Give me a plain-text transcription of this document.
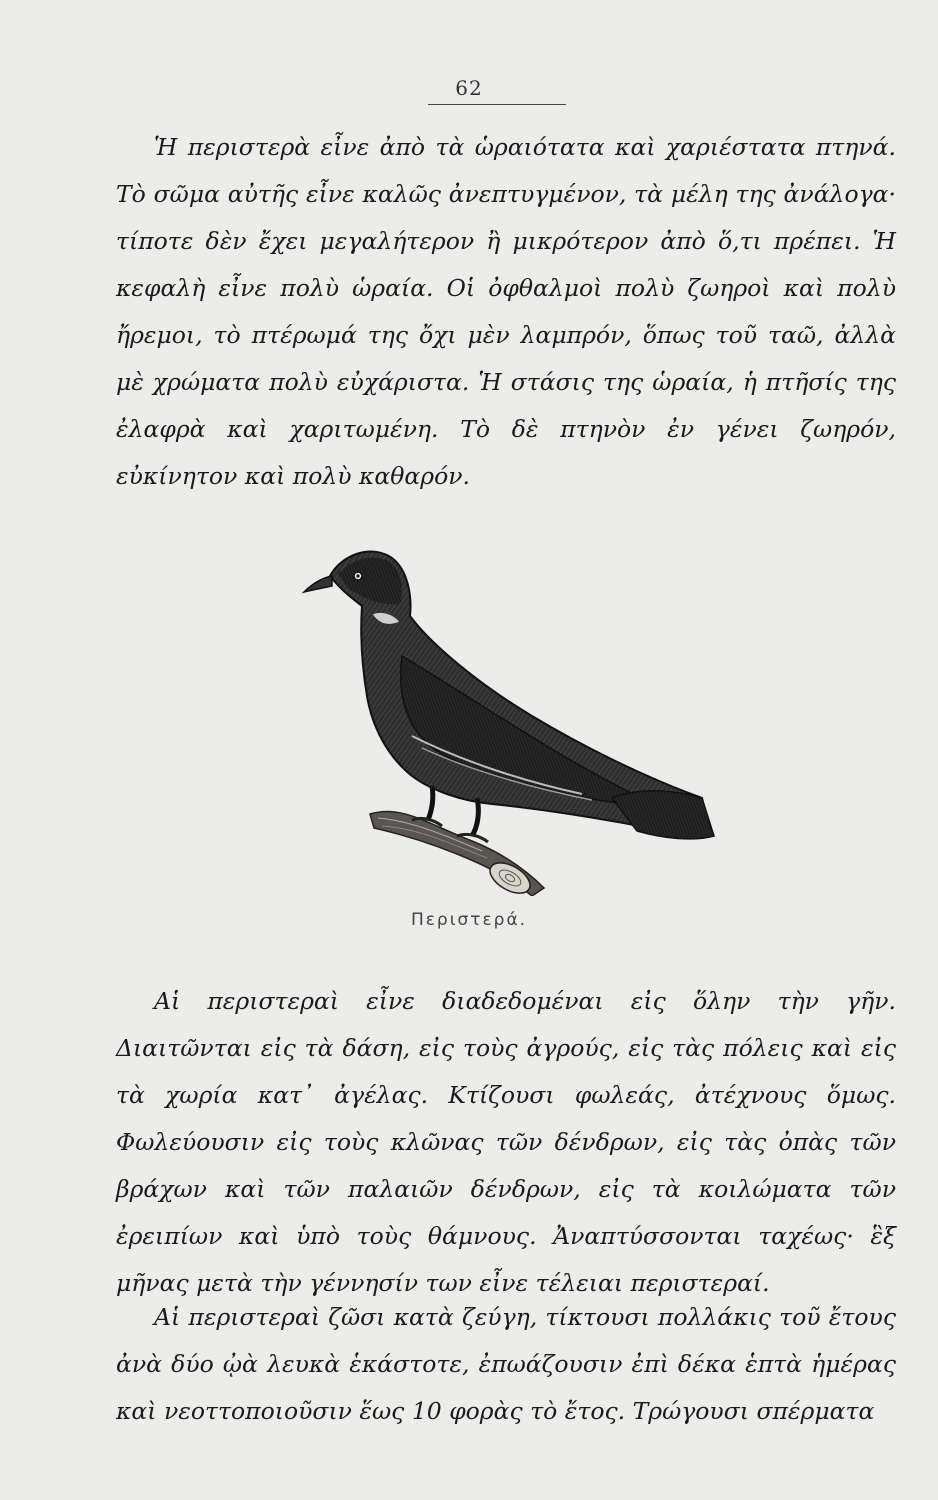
62

Ἡ περιστερὰ εἶνε ἀπὸ τὰ ὡραιότατα καὶ χαριέστατα πτηνά. Τὸ σῶμα αὐτῆς εἶνε καλῶς ἀνεπτυγμένον, τὰ μέλη της ἀνάλογα· τίποτε δὲν ἔχει μεγαλήτερον ἢ μικρότερον ἀπὸ ὅ,τι πρέπει. Ἡ κεφαλὴ εἶνε πολὺ ὡραία. Οἱ ὀφθαλμοὶ πολὺ ζωηροὶ καὶ πολὺ ἤρεμοι, τὸ πτέρωμά της ὄχι μὲν λαμπρόν, ὅπως τοῦ ταῶ, ἀλλὰ μὲ χρώματα πολὺ εὐχάριστα. Ἡ στάσις της ὡραία, ἡ πτῆσίς της ἐλαφρὰ καὶ χαριτωμένη. Τὸ δὲ πτηνὸν ἐν γένει ζωηρόν, εὐκίνητον καὶ πολὺ καθαρόν.

Περιστερά.

Αἱ περιστεραὶ εἶνε διαδεδομέναι εἰς ὅλην τὴν γῆν. Διαιτῶνται εἰς τὰ δάση, εἰς τοὺς ἀγρούς, εἰς τὰς πόλεις καὶ εἰς τὰ χωρία κατ᾽ ἀγέλας. Κτίζουσι φωλεάς, ἀτέχνους ὅμως. Φωλεύουσιν εἰς τοὺς κλῶνας τῶν δένδρων, εἰς τὰς ὀπὰς τῶν βράχων καὶ τῶν παλαιῶν δένδρων, εἰς τὰ κοιλώματα τῶν ἐρειπίων καὶ ὑπὸ τοὺς θάμνους. Ἀναπτύσσονται ταχέως· ἓξ μῆνας μετὰ τὴν γέννησίν των εἶνε τέλειαι περιστεραί.

Αἱ περιστεραὶ ζῶσι κατὰ ζεύγη, τίκτουσι πολλάκις τοῦ ἔτους ἀνὰ δύο ᾠὰ λευκὰ ἑκάστοτε, ἐπωάζουσιν ἐπὶ δέκα ἑπτὰ ἡμέρας καὶ νεοττοποιοῦσιν ἕως 10 φορὰς τὸ ἔτος. Τρώγουσι σπέρματα
